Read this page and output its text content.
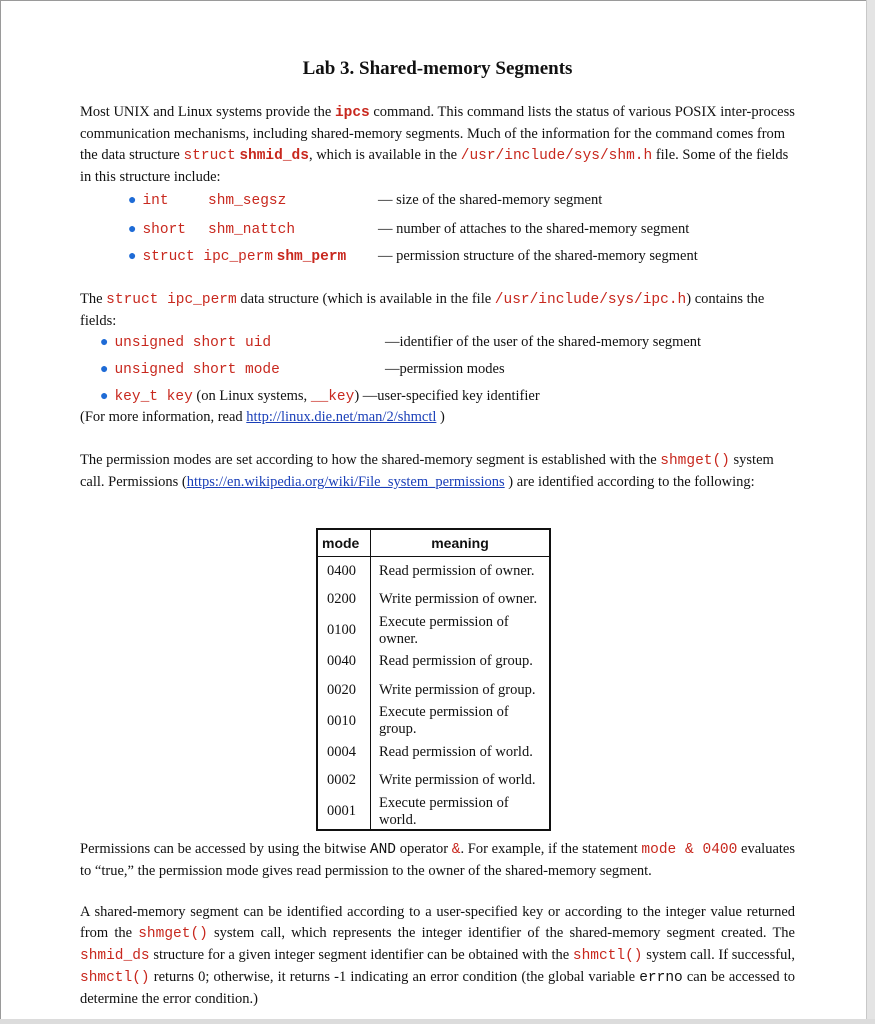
Lab 3. Shared-memory Segments
Most UNIX and Linux systems provide the ipcs command. This command lists the status of various POSIX inter-process communication mechanisms, including shared-memory segments. Much of the information for the command comes from the data structure struct shmid_ds, which is available in the /usr/include/sys/shm.h file. Some of the fields in this structure include:
● int	shm_segsz	— size of the shared-memory segment
● short shm_nattch	— number of attaches to the shared-memory segment
● struct ipc_perm shm_perm — permission structure of the shared-memory segment
The struct ipc_perm data structure (which is available in the file /usr/include/sys/ipc.h) contains the fields:
● unsigned short uid	—identifier of the user of the shared-memory segment
● unsigned short mode	—permission modes
● key_t key (on Linux systems, __key) —user-specified key identifier
(For more information, read http://linux.die.net/man/2/shmctl )
The permission modes are set according to how the shared-memory segment is established with the shmget() system call. Permissions (https://en.wikipedia.org/wiki/File_system_permissions ) are identified according to the following:
mode	meaning
0400	Read permission of owner.
0200	Write permission of owner.
0100	Execute permission of owner.
0040	Read permission of group.
0020	Write permission of group.
0010	Execute permission of group.
0004	Read permission of world.
0002	Write permission of world.
0001	Execute permission of world.
Permissions can be accessed by using the bitwise AND operator &. For example, if the statement mode & 0400 evaluates to “true,” the permission mode gives read permission to the owner of the shared-memory segment.
A shared-memory segment can be identified according to a user-specified key or according to the integer value returned from the shmget() system call, which represents the integer identifier of the shared-memory segment created. The shmid_ds structure for a given integer segment identifier can be obtained with the shmctl() system call. If successful, shmctl() returns 0; otherwise, it returns -1 indicating an error condition (the global variable errno can be accessed to determine the error condition.)
